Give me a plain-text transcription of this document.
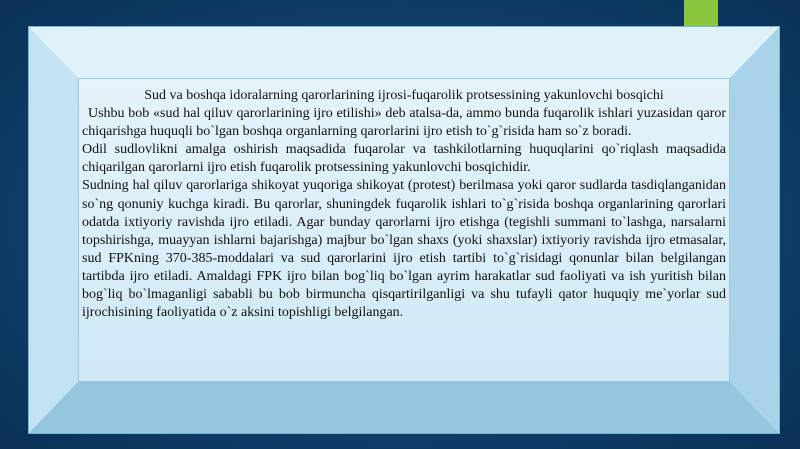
Sud va boshqa idoralarning qarorlarining ijrosi-fuqarolik protsessining yakunlovchi bosqichi

Ushbu bob «sud hal qiluv qarorlarining ijro etilishi» deb atalsa-da, ammo bunda fuqarolik ishlari yuzasidan qaror chiqarishga huquqli bo`lgan boshqa organlarning qarorlarini ijro etish to`g`risida ham so`z boradi.

Odil sudlovlikni amalga oshirish maqsadida fuqarolar va tashkilotlarning huquqlarini qo`riqlash maqsadida chiqarilgan qarorlarni ijro etish fuqarolik protsessining yakunlovchi bosqichidir.

Sudning hal qiluv qarorlariga shikoyat yuqoriga shikoyat (protest) berilmasa yoki qaror sudlarda tasdiqlanganidan so`ng qonuniy kuchga kiradi. Bu qarorlar, shuningdek fuqarolik ishlari to`g`risida boshqa organlarining qarorlari odatda ixtiyoriy ravishda ijro etiladi. Agar bunday qarorlarni ijro etishga (tegishli summani to`lashga, narsalarni topshirishga, muayyan ishlarni bajarishga) majbur bo`lgan shaxs (yoki shaxslar) ixtiyoriy ravishda ijro etmasalar, sud FPKning 370-385-moddalari va sud qarorlarini ijro etish tartibi to`g`risidagi qonunlar bilan belgilangan tartibda ijro etiladi. Amaldagi FPK ijro bilan bog`liq bo`lgan ayrim harakatlar sud faoliyati va ish yuritish bilan bog`liq bo`lmaganligi sababli bu bob birmuncha qisqartirilganligi va shu tufayli qator huquqiy me`yorlar sud ijrochisining faoliyatida o`z aksini topishligi belgilangan.
